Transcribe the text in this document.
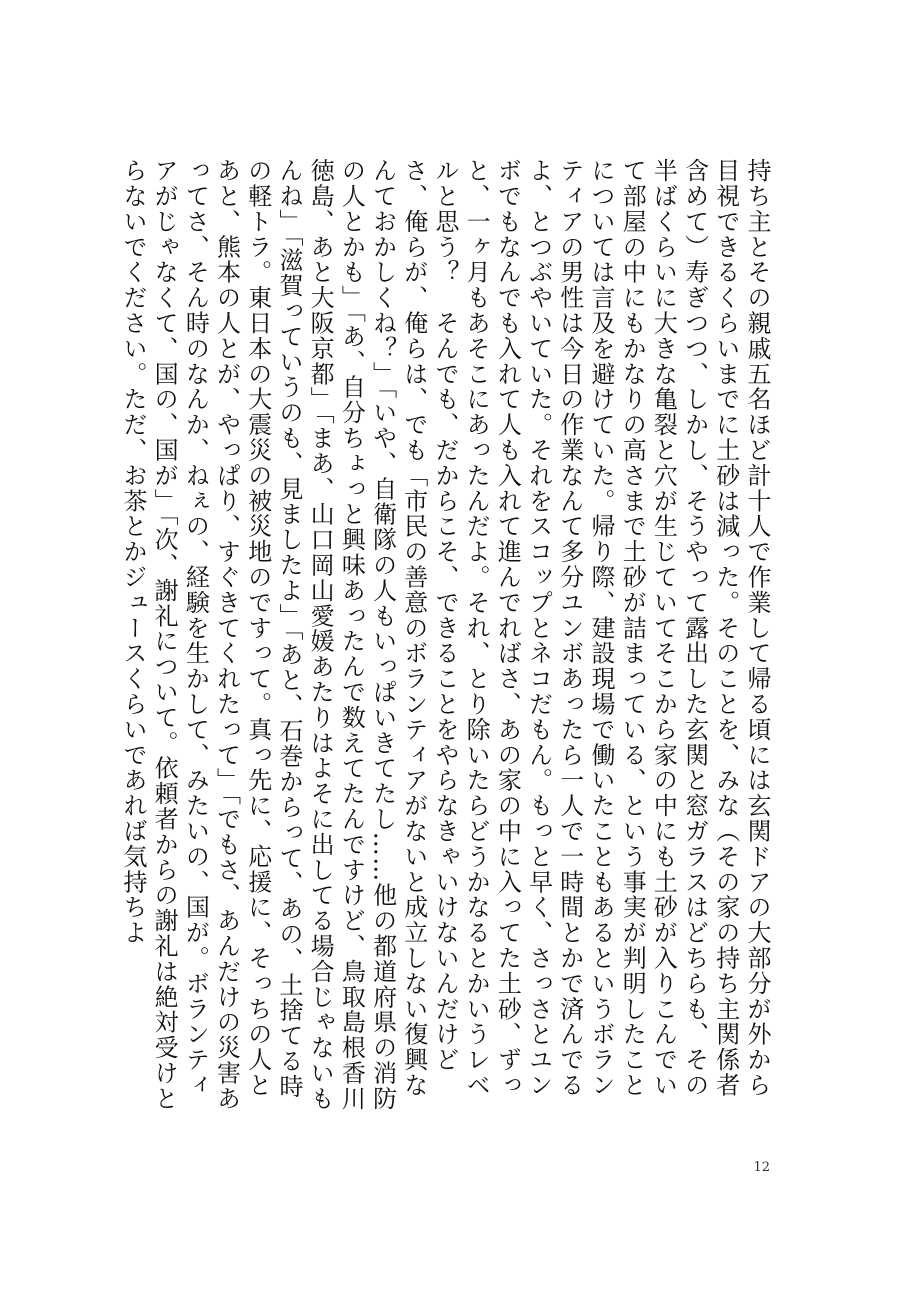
持ち主とその親戚五名ほど計十人で作業して帰る頃には玄関ドアの大部分が外から目視できるくらいまでに土砂は減った。そのことを、みな（その家の持ち主関係者含めて）寿ぎつつ、しかし、そうやって露出した玄関と窓ガラスはどちらも、その半ばくらいに大きな亀裂と穴が生じていてそこから家の中にも土砂が入りこんでいて部屋の中にもかなりの高さまで土砂が詰まっている、という事実が判明したことについては言及を避けていた。帰り際、建設現場で働いたこともあるというボランティアの男性は今日の作業なんて多分ユンボあったら一人で一時間とかで済んでるよ、とつぶやいていた。それをスコップとネコだもん。もっと早く、さっさとユンボでもなんでも入れて人も入れて進んでればさ、あの家の中に入ってた土砂、ずっと、一ヶ月もあそこにあったんだよ。それ、とり除いたらどうかなるとかいうレベルと思う？　そんでも、だからこそ、できることをやらなきゃいけないんだけどさ、俺らが、俺らは、でも「市民の善意のボランティアがないと成立しない復興なんておかしくね？」「いや、自衛隊の人もいっぱいきてたし……他の都道府県の消防の人とかも」「あ、自分ちょっと興味あったんで数えてたんですけど、鳥取島根香川徳島、あと大阪京都」「まあ、山口岡山愛媛あたりはよそに出してる場合じゃないもんね」「滋賀っていうのも、見ましたよ」「あと、石巻からって、あの、土捨てる時の軽トラ。東日本の大震災の被災地のですって。真っ先に、応援に、そっちの人とあと、熊本の人とが、やっぱり、すぐきてくれたって」「でもさ、あんだけの災害あってさ、そん時のなんか、ねぇの、経験を生かして、みたいの、国が。ボランティアがじゃなくて、国の、国が」「次、謝礼について。依頼者からの謝礼は絶対受けとらないでください。ただ、お茶とかジュースくらいであれば気持ちよ

12
